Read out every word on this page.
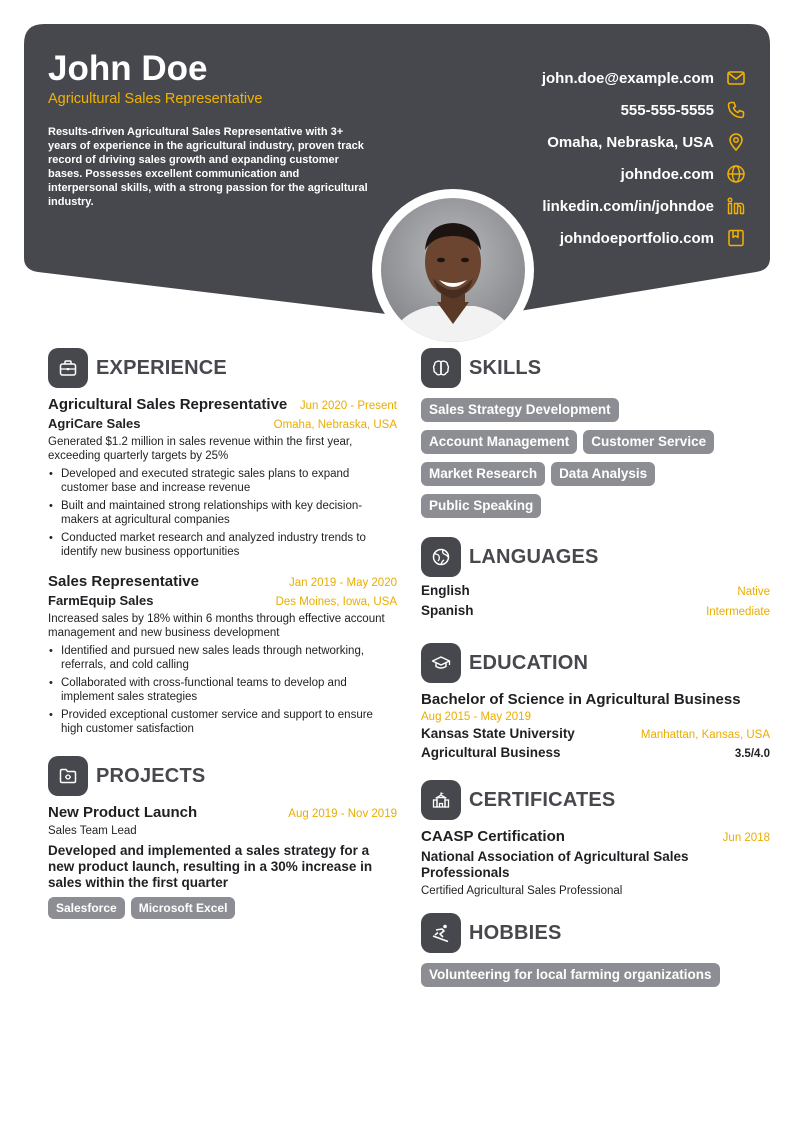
John Doe
Agricultural Sales Representative
Results-driven Agricultural Sales Representative with 3+ years of experience in the agricultural industry, proven track record of driving sales growth and expanding customer bases. Possesses excellent communication and interpersonal skills, with a strong passion for the agricultural industry.
john.doe@example.com
555-555-5555
Omaha, Nebraska, USA
johndoe.com
linkedin.com/in/johndoe
johndoeportfolio.com
EXPERIENCE
Agricultural Sales Representative Jun 2020 - Present
AgriCare Sales	Omaha, Nebraska, USA
Generated $1.2 million in sales revenue within the first year, exceeding quarterly targets by 25%
• Developed and executed strategic sales plans to expand customer base and increase revenue
• Built and maintained strong relationships with key decision-makers at agricultural companies
• Conducted market research and analyzed industry trends to identify new business opportunities
Sales Representative	Jan 2019 - May 2020
FarmEquip Sales	Des Moines, Iowa, USA
Increased sales by 18% within 6 months through effective account management and new business development
• Identified and pursued new sales leads through networking, referrals, and cold calling
• Collaborated with cross-functional teams to develop and implement sales strategies
• Provided exceptional customer service and support to ensure high customer satisfaction
PROJECTS
New Product Launch	Aug 2019 - Nov 2019
Sales Team Lead
Developed and implemented a sales strategy for a new product launch, resulting in a 30% increase in sales within the first quarter
Salesforce Microsoft Excel
SKILLS
Sales Strategy Development
Account Management Customer Service
Market Research Data Analysis
Public Speaking
LANGUAGES
English	Native
Spanish	Intermediate
EDUCATION
Bachelor of Science in Agricultural Business
Aug 2015 - May 2019
Kansas State University	Manhattan, Kansas, USA
Agricultural Business	3.5/4.0
CERTIFICATES
CAASP Certification	Jun 2018
National Association of Agricultural Sales Professionals
Certified Agricultural Sales Professional
HOBBIES
Volunteering for local farming organizations
